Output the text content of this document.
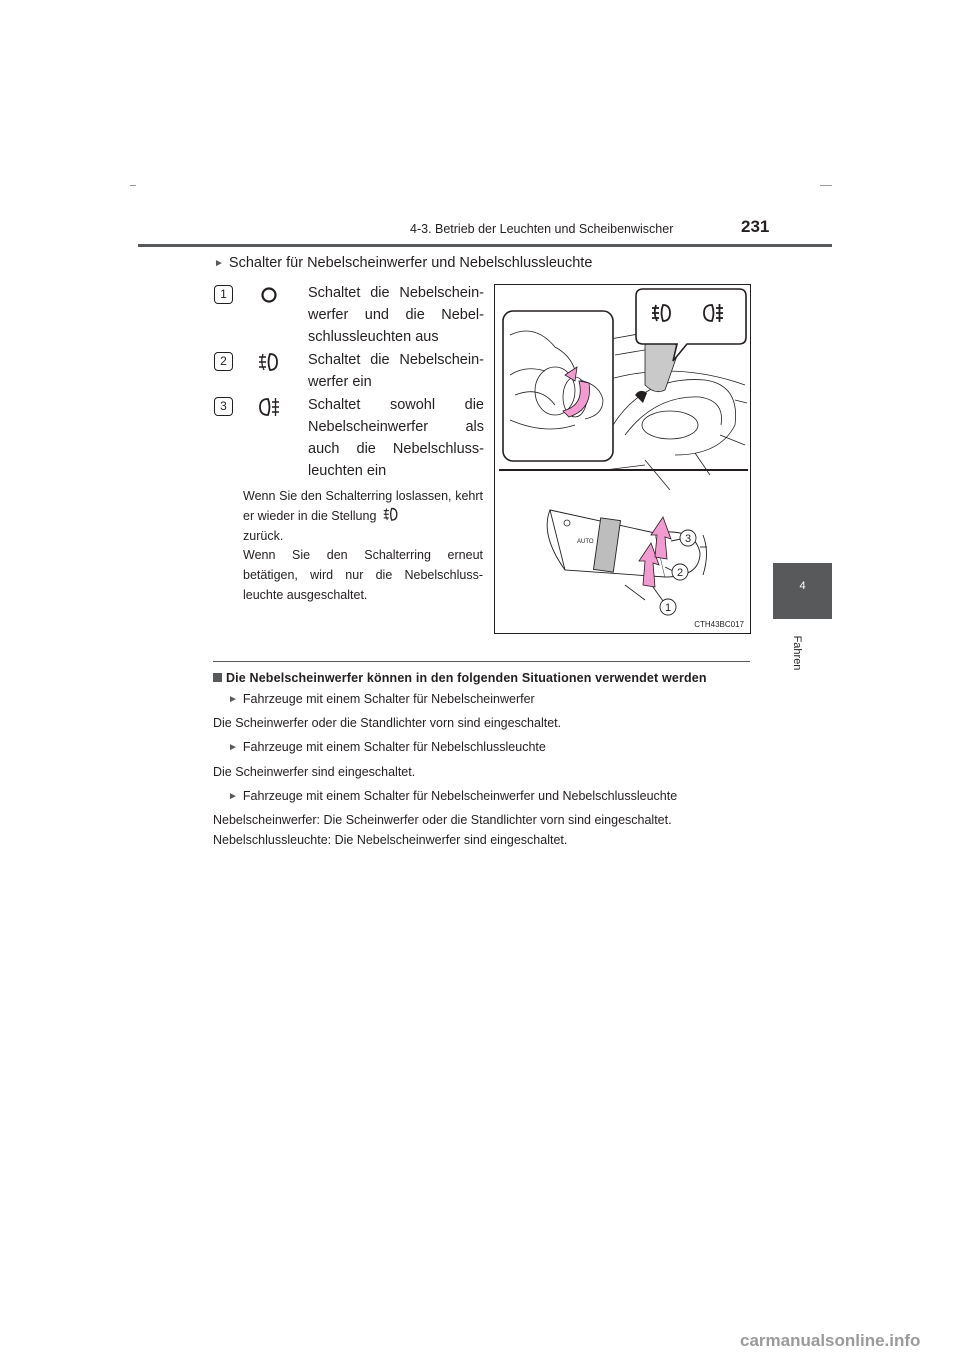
4-3. Betrieb der Leuchten und Scheibenwischer	231
4
Fahren
► Schalter für Nebelscheinwerfer und Nebelschlussleuchte
1	Schaltet die Nebelschein-werfer und die Nebel-schlussleuchten aus
2	Schaltet die Nebelschein-werfer ein
3	Schaltet sowohl die Nebelscheinwerfer als auch die Nebelschluss-leuchten ein
Wenn Sie den Schalterring loslassen, kehrt er wieder in die Stellung
zurück.
Wenn Sie den Schalterring erneut betätigen, wird nur die Nebelschluss-leuchte ausgeschaltet.
AUTO
1
2
3
CTH43BC017
Die Nebelscheinwerfer können in den folgenden Situationen verwendet werden
► Fahrzeuge mit einem Schalter für Nebelscheinwerfer
Die Scheinwerfer oder die Standlichter vorn sind eingeschaltet.
► Fahrzeuge mit einem Schalter für Nebelschlussleuchte
Die Scheinwerfer sind eingeschaltet.
► Fahrzeuge mit einem Schalter für Nebelscheinwerfer und Nebelschlussleuchte
Nebelscheinwerfer: Die Scheinwerfer oder die Standlichter vorn sind eingeschaltet.
Nebelschlussleuchte: Die Nebelscheinwerfer sind eingeschaltet.
carmanualsonline.info
